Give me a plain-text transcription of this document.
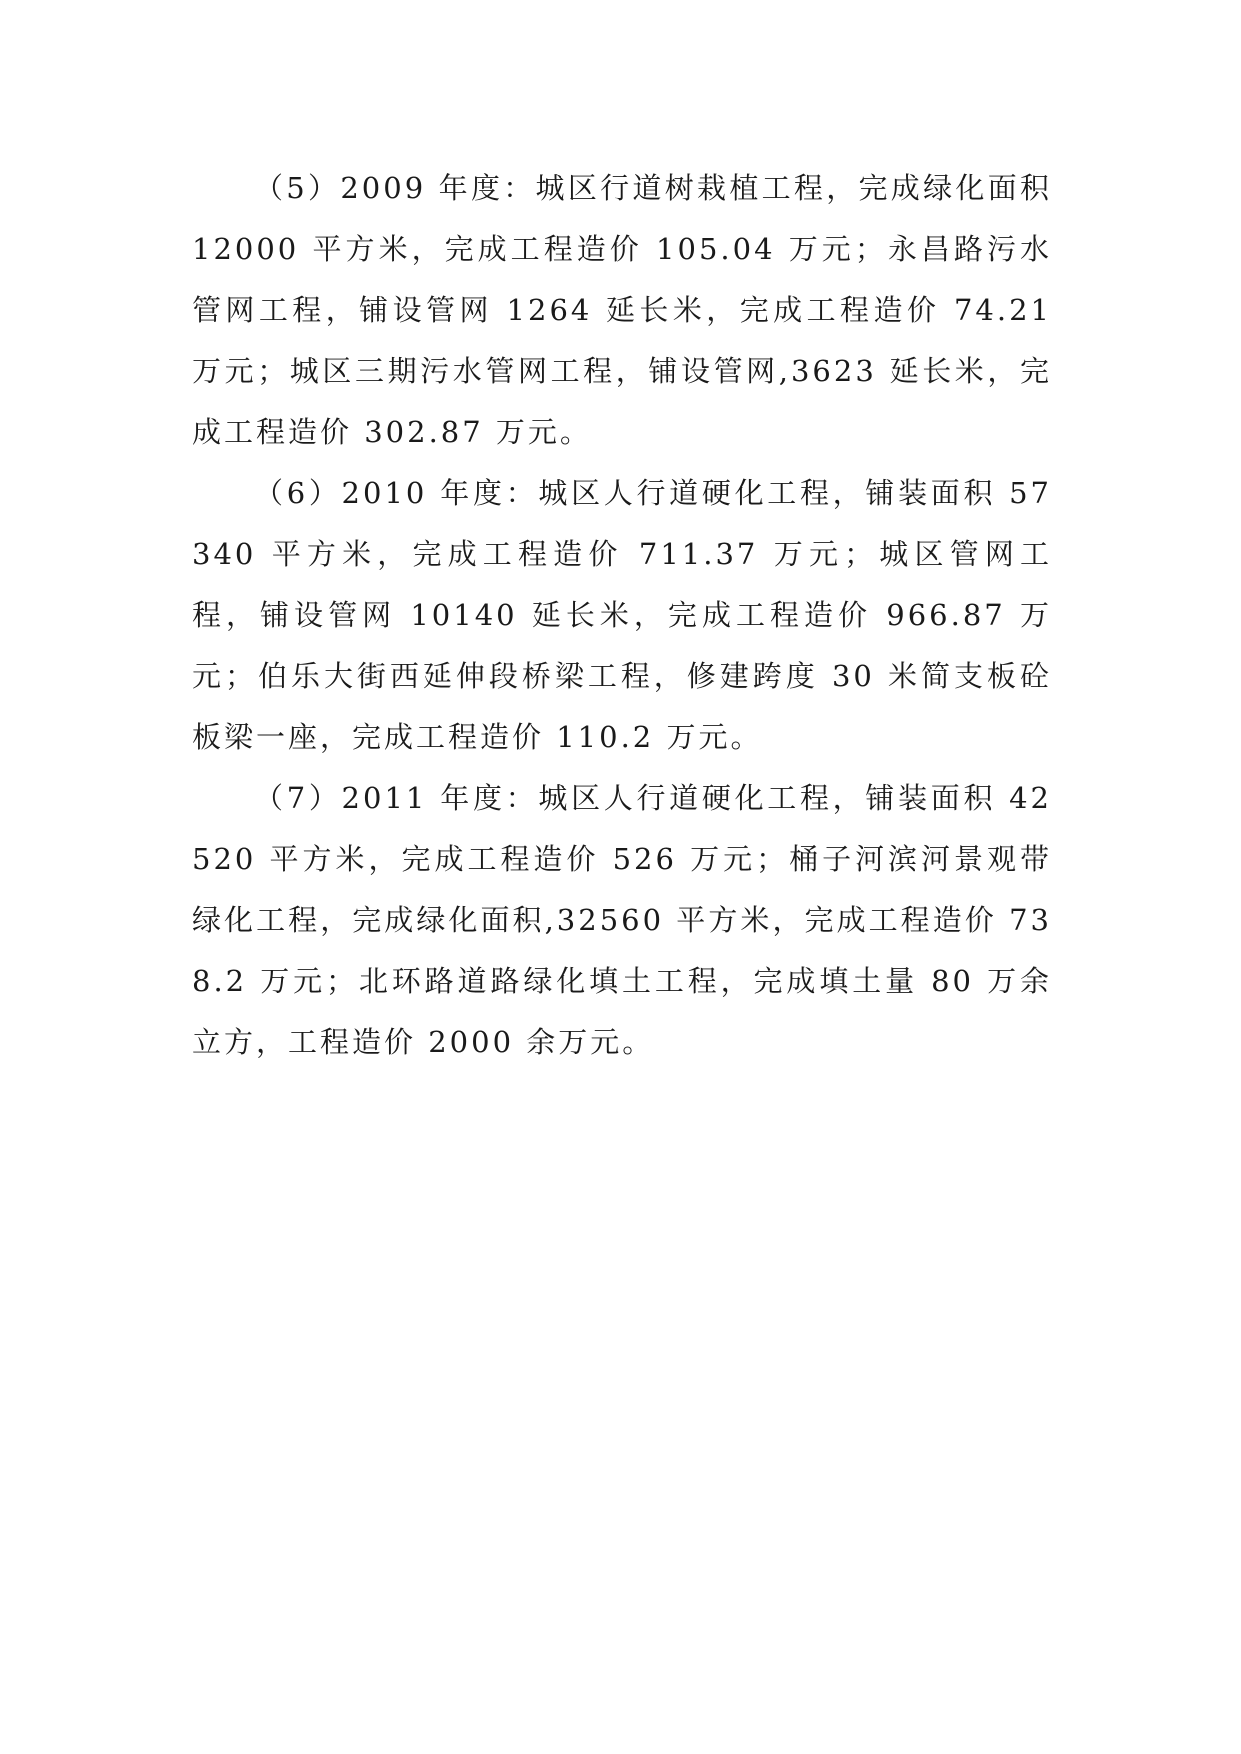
（5）2009 年度：城区行道树栽植工程，完成绿化面积 12000 平方米，完成工程造价 105.04 万元；永昌路污水管网工程，铺设管网 1264 延长米，完成工程造价 74.21 万元；城区三期污水管网工程，铺设管网,3623 延长米，完成工程造价 302.87 万元。

（6）2010 年度：城区人行道硬化工程，铺装面积 57340 平方米，完成工程造价 711.37 万元；城区管网工程，铺设管网 10140 延长米，完成工程造价 966.87 万元；伯乐大街西延伸段桥梁工程，修建跨度 30 米简支板砼板梁一座，完成工程造价 110.2 万元。

（7）2011 年度：城区人行道硬化工程，铺装面积 42520 平方米，完成工程造价 526 万元；桶子河滨河景观带绿化工程，完成绿化面积,32560 平方米，完成工程造价 738.2 万元；北环路道路绿化填土工程，完成填土量 80 万余立方，工程造价 2000 余万元。
